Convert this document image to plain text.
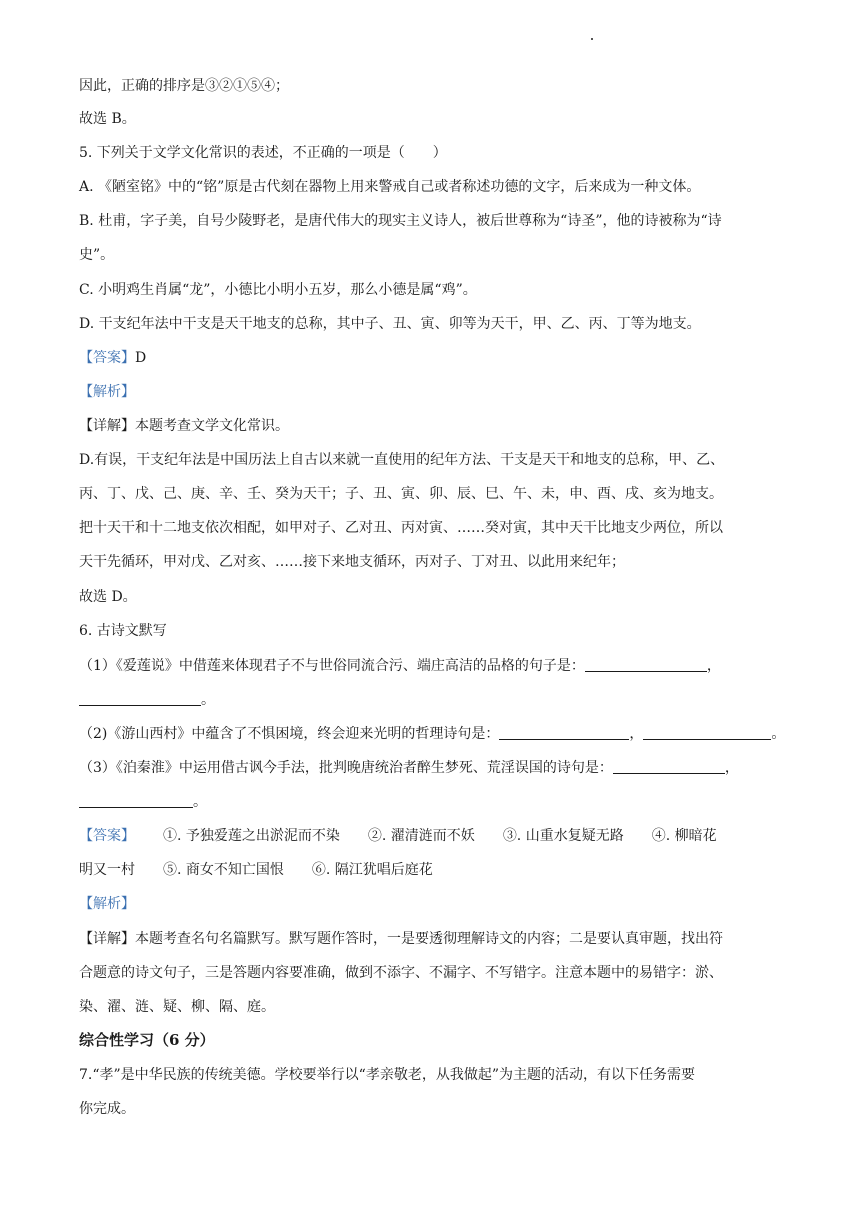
因此，正确的排序是③②①⑤④；
故选 B。
5. 下列关于文学文化常识的表述，不正确的一项是（　　）
A. 《陋室铭》中的“铭”原是古代刻在器物上用来警戒自己或者称述功德的文字，后来成为一种文体。
B. 杜甫，字子美，自号少陵野老，是唐代伟大的现实主义诗人，被后世尊称为“诗圣”，他的诗被称为“诗
史”。
C. 小明鸡生肖属“龙”，小德比小明小五岁，那么小德是属“鸡”。
D. 干支纪年法中干支是天干地支的总称，其中子、丑、寅、卯等为天干，甲、乙、丙、丁等为地支。
【答案】D
【解析】
【详解】本题考查文学文化常识。
D.有误，干支纪年法是中国历法上自古以来就一直使用的纪年方法、干支是天干和地支的总称，甲、乙、
丙、丁、戊、己、庚、辛、壬、癸为天干；子、丑、寅、卯、辰、巳、午、未，申、酉、戌、亥为地支。
把十天干和十二地支依次相配，如甲对子、乙对丑、丙对寅、……癸对寅，其中天干比地支少两位，所以
天干先循环，甲对戊、乙对亥、……接下来地支循环，丙对子、丁对丑、以此用来纪年；
故选 D。
6. 古诗文默写
（1）《爱莲说》中借莲来体现君子不与世俗同流合污、端庄高洁的品格的句子是：	，
。
（2)《游山西村》中蕴含了不惧困境，终会迎来光明的哲理诗句是：	，	。
（3）《泊秦淮》中运用借古讽今手法，批判晚唐统治者醉生梦死、荒淫误国的诗句是：	，
。
【答案】 ①. 予独爱莲之出淤泥而不染 ②. 濯清涟而不妖 ③. 山重水复疑无路 ④. 柳暗花
明又一村 ⑤. 商女不知亡国恨 ⑥. 隔江犹唱后庭花
【解析】
【详解】本题考查名句名篇默写。默写题作答时，一是要透彻理解诗文的内容；二是要认真审题，找出符
合题意的诗文句子，三是答题内容要准确，做到不添字、不漏字、不写错字。注意本题中的易错字：淤、
染、濯、涟、疑、柳、隔、庭。
综合性学习（6 分）
7.“孝”是中华民族的传统美德。学校要举行以“孝亲敬老，从我做起”为主题的活动，有以下任务需要
你完成。
